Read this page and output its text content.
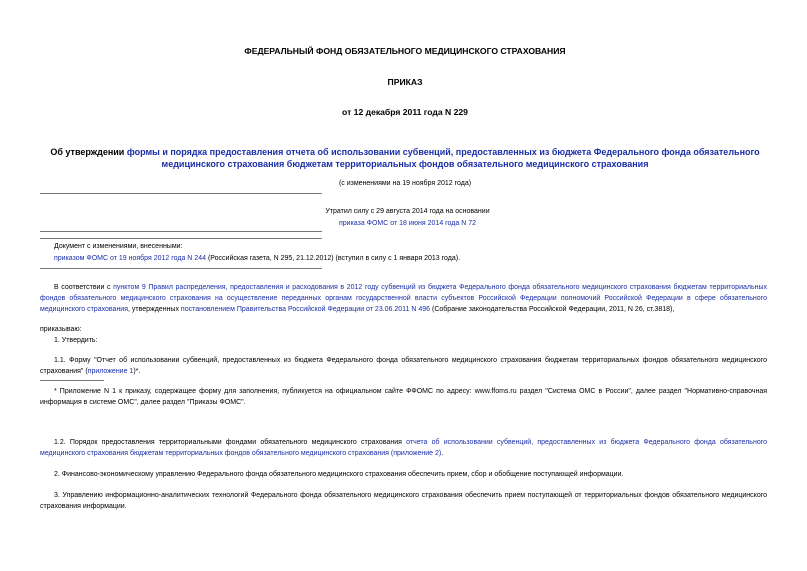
ФЕДЕРАЛЬНЫЙ ФОНД ОБЯЗАТЕЛЬНОГО МЕДИЦИНСКОГО СТРАХОВАНИЯ
ПРИКАЗ
от 12 декабря 2011 года N 229
Об утверждении формы и порядка предоставления отчета об использовании субвенций, предоставленных из бюджета Федерального фонда обязательного медицинского страхования бюджетам территориальных фондов обязательного медицинского страхования
(с изменениями на 19 ноября 2012 года)
Утратил силу с 29 августа 2014 года на основании
приказа ФОМС от 18 июня 2014 года N 72
Документ с изменениями, внесенными:
приказом ФОМС от 19 ноября 2012 года N 244 (Российская газета, N 295, 21.12.2012) (вступил в силу с 1 января 2013 года).
В соответствии с пунктом 9 Правил распределения, предоставления и расходования в 2012 году субвенций из бюджета Федерального фонда обязательного медицинского страхования бюджетам территориальных фондов обязательного медицинского страхования на осуществление переданных органам государственной власти субъектов Российской Федерации полномочий Российской Федерации в сфере обязательного медицинского страхования, утвержденных постановлением Правительства Российской Федерации от 23.06.2011 N 496 (Собрание законодательства Российской Федерации, 2011, N 26, ст.3818),
приказываю:
1. Утвердить:
1.1. Форму "Отчет об использовании субвенций, предоставленных из бюджета Федерального фонда обязательного медицинского страхования бюджетам территориальных фондов обязательного медицинского страхования" (приложение 1)*.
* Приложение N 1 к приказу, содержащее форму для заполнения, публикуется на официальном сайте ФФОМС по адресу: www.ffoms.ru раздел "Система ОМС в России", далее раздел "Нормативно-справочная информация в системе ОМС", далее раздел "Приказы ФОМС".
1.2. Порядок предоставления территориальными фондами обязательного медицинского страхования отчета об использовании субвенций, предоставленных из бюджета Федерального фонда обязательного медицинского страхования бюджетам территориальных фондов обязательного медицинского страхования (приложение 2).
2. Финансово-экономическому управлению Федерального фонда обязательного медицинского страхования обеспечить прием, сбор и обобщение поступающей информации.
3. Управлению информационно-аналитических технологий Федерального фонда обязательного медицинского страхования обеспечить прием поступающей от территориальных фондов обязательного медицинского страхования информации.
